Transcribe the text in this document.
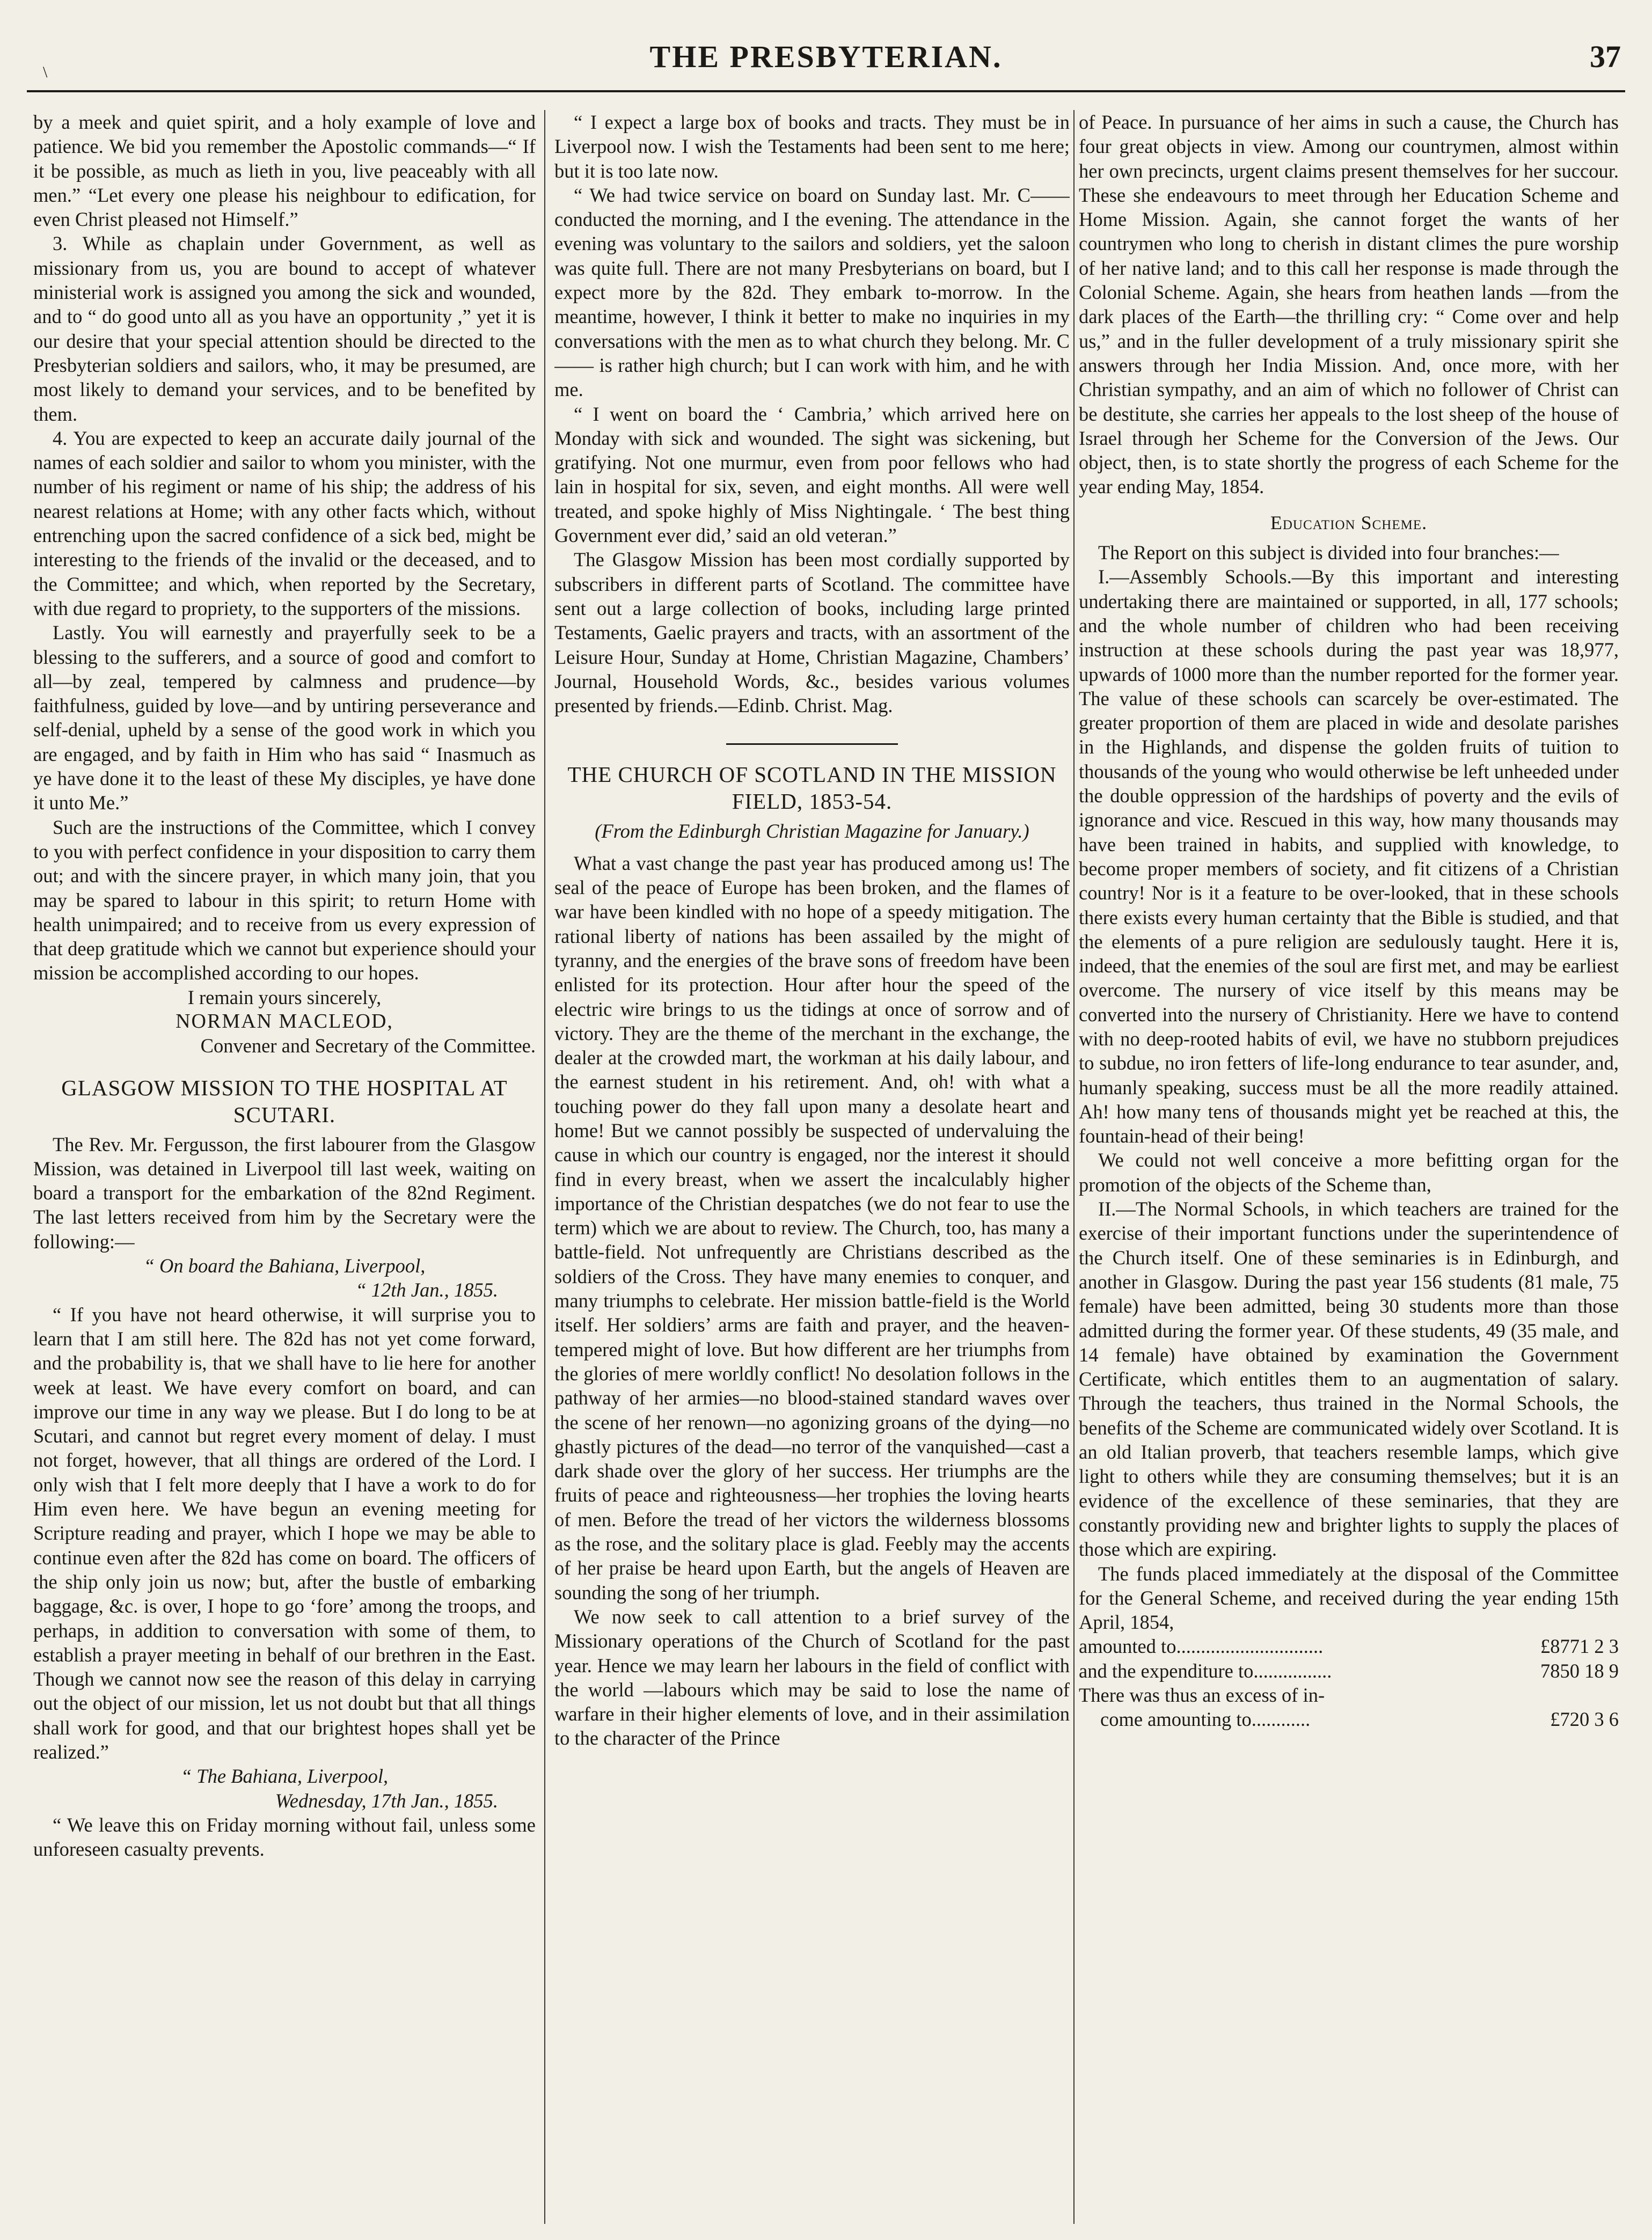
\	THE PRESBYTERIAN.	37

by a meek and quiet spirit, and a holy example of love and patience. We bid you remember the Apostolic commands—“ If it be possible, as much as lieth in you, live peaceably with all men.” “Let every one please his neighbour to edification, for even Christ pleased not Himself.”

3. While as chaplain under Government, as well as missionary from us, you are bound to accept of whatever ministerial work is assigned you among the sick and wounded, and to “ do good unto all as you have an opportunity ,” yet it is our desire that your special attention should be directed to the Presbyterian soldiers and sailors, who, it may be presumed, are most likely to demand your services, and to be benefited by them.

4. You are expected to keep an accurate daily journal of the names of each soldier and sailor to whom you minister, with the number of his regiment or name of his ship; the address of his nearest relations at Home; with any other facts which, without entrenching upon the sacred confidence of a sick bed, might be interesting to the friends of the invalid or the deceased, and to the Committee; and which, when reported by the Secretary, with due regard to propriety, to the supporters of the missions.

Lastly. You will earnestly and prayerfully seek to be a blessing to the sufferers, and a source of good and comfort to all—by zeal, tempered by calmness and prudence—by faithfulness, guided by love—and by untiring perseverance and self-denial, upheld by a sense of the good work in which you are engaged, and by faith in Him who has said “ Inasmuch as ye have done it to the least of these My disciples, ye have done it unto Me.”

Such are the instructions of the Committee, which I convey to you with perfect confidence in your disposition to carry them out; and with the sincere prayer, in which many join, that you may be spared to labour in this spirit; to return Home with health unimpaired; and to receive from us every expression of that deep gratitude which we cannot but experience should your mission be accomplished according to our hopes.

I remain yours sincerely,

NORMAN MACLEOD,
Convener and Secretary of the Committee.
GLASGOW MISSION TO THE HOSPITAL AT SCUTARI.

The Rev. Mr. Fergusson, the first labourer from the Glasgow Mission, was detained in Liverpool till last week, waiting on board a transport for the embarkation of the 82nd Regiment. The last letters received from him by the Secretary were the following:—

“ On board the Bahiana, Liverpool,

“ 12th Jan., 1855.

“ If you have not heard otherwise, it will surprise you to learn that I am still here. The 82d has not yet come forward, and the probability is, that we shall have to lie here for another week at least. We have every comfort on board, and can improve our time in any way we please. But I do long to be at Scutari, and cannot but regret every moment of delay. I must not forget, however, that all things are ordered of the Lord. I only wish that I felt more deeply that I have a work to do for Him even here. We have begun an evening meeting for Scripture reading and prayer, which I hope we may be able to continue even after the 82d has come on board. The officers of the ship only join us now; but, after the bustle of embarking baggage, &c. is over, I hope to go ‘fore’ among the troops, and perhaps, in addition to conversation with some of them, to establish a prayer meeting in behalf of our brethren in the East. Though we cannot now see the reason of this delay in carrying out the object of our mission, let us not doubt but that all things shall work for good, and that our brightest hopes shall yet be realized.”

“ The Bahiana, Liverpool,

Wednesday, 17th Jan., 1855.

“ We leave this on Friday morning without fail, unless some unforeseen casualty prevents.

“ I expect a large box of books and tracts. They must be in Liverpool now. I wish the Testaments had been sent to me here; but it is too late now.

“ We had twice service on board on Sunday last. Mr. C—— conducted the morning, and I the evening. The attendance in the evening was voluntary to the sailors and soldiers, yet the saloon was quite full. There are not many Presbyterians on board, but I expect more by the 82d. They embark to-morrow. In the meantime, however, I think it better to make no inquiries in my conversations with the men as to what church they belong. Mr. C—— is rather high church; but I can work with him, and he with me.

“ I went on board the ‘ Cambria,’ which arrived here on Monday with sick and wounded. The sight was sickening, but gratifying. Not one murmur, even from poor fellows who had lain in hospital for six, seven, and eight months. All were well treated, and spoke highly of Miss Nightingale. ‘ The best thing Government ever did,’ said an old veteran.”

The Glasgow Mission has been most cordially supported by subscribers in different parts of Scotland. The committee have sent out a large collection of books, including large printed Testaments, Gaelic prayers and tracts, with an assortment of the Leisure Hour, Sunday at Home, Christian Magazine, Chambers’ Journal, Household Words, &c., besides various volumes presented by friends.—Edinb. Christ. Mag.

THE CHURCH OF SCOTLAND IN THE MISSION FIELD, 1853-54.

(From the Edinburgh Christian Magazine for January.)

What a vast change the past year has produced among us! The seal of the peace of Europe has been broken, and the flames of war have been kindled with no hope of a speedy mitigation. The rational liberty of nations has been assailed by the might of tyranny, and the energies of the brave sons of freedom have been enlisted for its protection. Hour after hour the speed of the electric wire brings to us the tidings at once of sorrow and of victory. They are the theme of the merchant in the exchange, the dealer at the crowded mart, the workman at his daily labour, and the earnest student in his retirement. And, oh! with what a touching power do they fall upon many a desolate heart and home! But we cannot possibly be suspected of undervaluing the cause in which our country is engaged, nor the interest it should find in every breast, when we assert the incalculably higher importance of the Christian despatches (we do not fear to use the term) which we are about to review. The Church, too, has many a battle-field. Not unfrequently are Christians described as the soldiers of the Cross. They have many enemies to conquer, and many triumphs to celebrate. Her mission battle-field is the World itself. Her soldiers’ arms are faith and prayer, and the heaven-tempered might of love. But how different are her triumphs from the glories of mere worldly conflict! No desolation follows in the pathway of her armies—no blood-stained standard waves over the scene of her renown—no agonizing groans of the dying—no ghastly pictures of the dead—no terror of the vanquished—cast a dark shade over the glory of her success. Her triumphs are the fruits of peace and righteousness—her trophies the loving hearts of men. Before the tread of her victors the wilderness blossoms as the rose, and the solitary place is glad. Feebly may the accents of her praise be heard upon Earth, but the angels of Heaven are sounding the song of her triumph.

We now seek to call attention to a brief survey of the Missionary operations of the Church of Scotland for the past year. Hence we may learn her labours in the field of conflict with the world —labours which may be said to lose the name of warfare in their higher elements of love, and in their assimilation to the character of the Prince

of Peace. In pursuance of her aims in such a cause, the Church has four great objects in view. Among our countrymen, almost within her own precincts, urgent claims present themselves for her succour. These she endeavours to meet through her Education Scheme and Home Mission. Again, she cannot forget the wants of her countrymen who long to cherish in distant climes the pure worship of her native land; and to this call her response is made through the Colonial Scheme. Again, she hears from heathen lands —from the dark places of the Earth—the thrilling cry: “ Come over and help us,” and in the fuller development of a truly missionary spirit she answers through her India Mission. And, once more, with her Christian sympathy, and an aim of which no follower of Christ can be destitute, she carries her appeals to the lost sheep of the house of Israel through her Scheme for the Conversion of the Jews. Our object, then, is to state shortly the progress of each Scheme for the year ending May, 1854.

Education Scheme.

The Report on this subject is divided into four branches:—

I.—Assembly Schools.—By this important and interesting undertaking there are maintained or supported, in all, 177 schools; and the whole number of children who had been receiving instruction at these schools during the past year was 18,977, upwards of 1000 more than the number reported for the former year. The value of these schools can scarcely be over-estimated. The greater proportion of them are placed in wide and desolate parishes in the Highlands, and dispense the golden fruits of tuition to thousands of the young who would otherwise be left unheeded under the double oppression of the hardships of poverty and the evils of ignorance and vice. Rescued in this way, how many thousands may have been trained in habits, and supplied with knowledge, to become proper members of society, and fit citizens of a Christian country! Nor is it a feature to be over-looked, that in these schools there exists every human certainty that the Bible is studied, and that the elements of a pure religion are sedulously taught. Here it is, indeed, that the enemies of the soul are first met, and may be earliest overcome. The nursery of vice itself by this means may be converted into the nursery of Christianity. Here we have to contend with no deep-rooted habits of evil, we have no stubborn prejudices to subdue, no iron fetters of life-long endurance to tear asunder, and, humanly speaking, success must be all the more readily attained. Ah! how many tens of thousands might yet be reached at this, the fountain-head of their being!

We could not well conceive a more befitting organ for the promotion of the objects of the Scheme than,

II.—The Normal Schools, in which teachers are trained for the exercise of their important functions under the superintendence of the Church itself. One of these seminaries is in Edinburgh, and another in Glasgow. During the past year 156 students (81 male, 75 female) have been admitted, being 30 students more than those admitted during the former year. Of these students, 49 (35 male, and 14 female) have obtained by examination the Government Certificate, which entitles them to an augmentation of salary. Through the teachers, thus trained in the Normal Schools, the benefits of the Scheme are communicated widely over Scotland. It is an old Italian proverb, that teachers resemble lamps, which give light to others while they are consuming themselves; but it is an evidence of the excellence of these seminaries, that they are constantly providing new and brighter lights to supply the places of those which are expiring.

The funds placed immediately at the disposal of the Committee for the General Scheme, and received during the year ending 15th April, 1854,

amounted to..............................	£8771 2 3
and the expenditure to................	7850 18 9
There was thus an excess of in-
come amounting to............	£720 3 6
